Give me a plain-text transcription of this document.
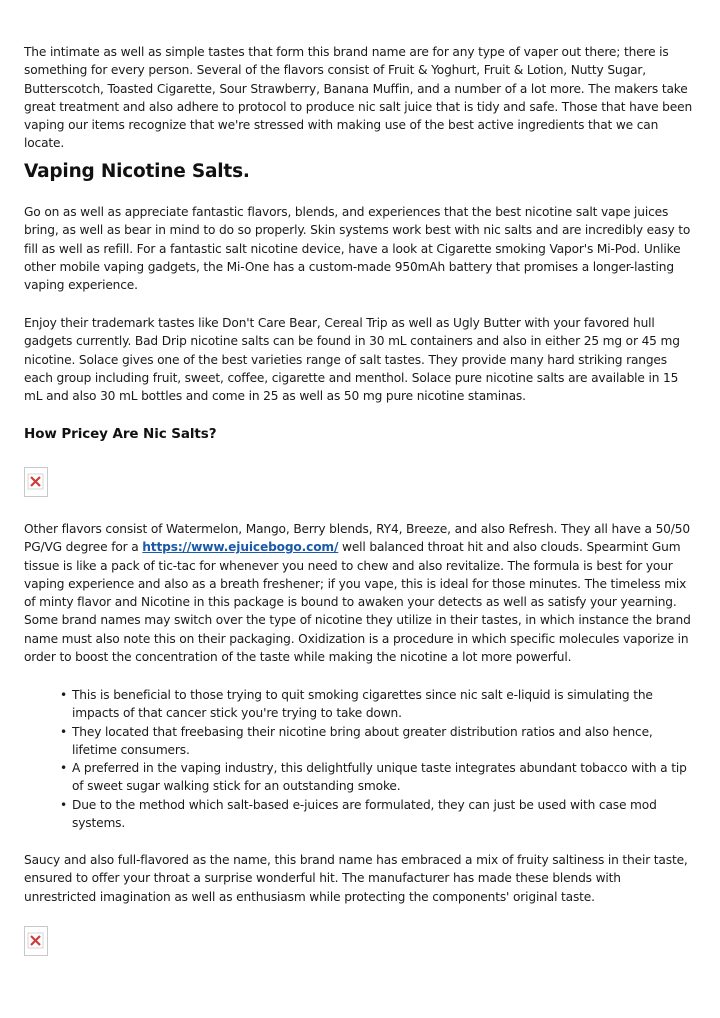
The intimate as well as simple tastes that form this brand name are for any type of vaper out there; there is something for every person. Several of the flavors consist of Fruit & Yoghurt, Fruit & Lotion, Nutty Sugar, Butterscotch, Toasted Cigarette, Sour Strawberry, Banana Muffin, and a number of a lot more. The makers take great treatment and also adhere to protocol to produce nic salt juice that is tidy and safe. Those that have been vaping our items recognize that we're stressed with making use of the best active ingredients that we can locate.

Vaping Nicotine Salts.

Go on as well as appreciate fantastic flavors, blends, and experiences that the best nicotine salt vape juices bring, as well as bear in mind to do so properly. Skin systems work best with nic salts and are incredibly easy to fill as well as refill. For a fantastic salt nicotine device, have a look at Cigarette smoking Vapor's Mi-Pod. Unlike other mobile vaping gadgets, the Mi-One has a custom-made 950mAh battery that promises a longer-lasting vaping experience.

Enjoy their trademark tastes like Don't Care Bear, Cereal Trip as well as Ugly Butter with your favored hull gadgets currently. Bad Drip nicotine salts can be found in 30 mL containers and also in either 25 mg or 45 mg nicotine. Solace gives one of the best varieties range of salt tastes. They provide many hard striking ranges each group including fruit, sweet, coffee, cigarette and menthol. Solace pure nicotine salts are available in 15 mL and also 30 mL bottles and come in 25 as well as 50 mg pure nicotine staminas.

How Pricey Are Nic Salts?

Other flavors consist of Watermelon, Mango, Berry blends, RY4, Breeze, and also Refresh. They all have a 50/50 PG/VG degree for a https://www.ejuicebogo.com/ well balanced throat hit and also clouds. Spearmint Gum tissue is like a pack of tic-tac for whenever you need to chew and also revitalize. The formula is best for your vaping experience and also as a breath freshener; if you vape, this is ideal for those minutes. The timeless mix of minty flavor and Nicotine in this package is bound to awaken your detects as well as satisfy your yearning. Some brand names may switch over the type of nicotine they utilize in their tastes, in which instance the brand name must also note this on their packaging. Oxidization is a procedure in which specific molecules vaporize in order to boost the concentration of the taste while making the nicotine a lot more powerful.

• This is beneficial to those trying to quit smoking cigarettes since nic salt e-liquid is simulating the impacts of that cancer stick you're trying to take down.
• They located that freebasing their nicotine bring about greater distribution ratios and also hence, lifetime consumers.
• A preferred in the vaping industry, this delightfully unique taste integrates abundant tobacco with a tip of sweet sugar walking stick for an outstanding smoke.
• Due to the method which salt-based e-juices are formulated, they can just be used with case mod systems.

Saucy and also full-flavored as the name, this brand name has embraced a mix of fruity saltiness in their taste, ensured to offer your throat a surprise wonderful hit. The manufacturer has made these blends with unrestricted imagination as well as enthusiasm while protecting the components' original taste.
